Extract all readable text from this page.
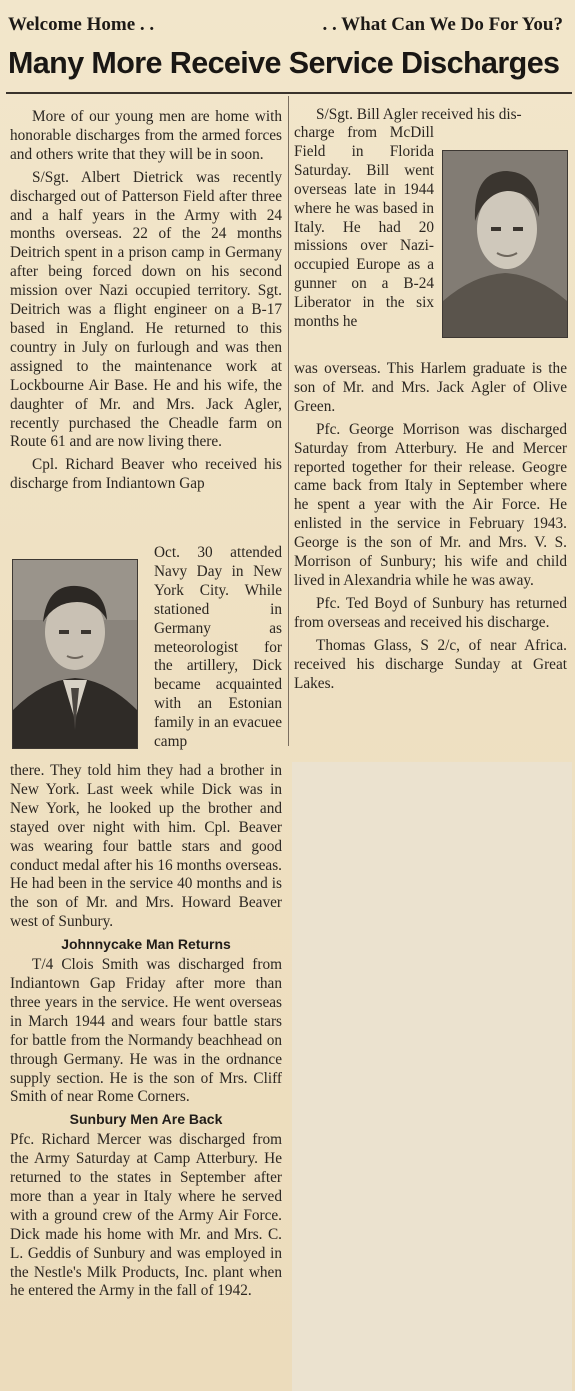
Welcome Home . .	. . What Can We Do For You?
Many More Receive Service Discharges

More of our young men are home with honorable discharges from the armed forces and others write that they will be in soon.

S/Sgt. Albert Dietrick was recently discharged out of Patterson Field after three and a half years in the Army with 24 months overseas. 22 of the 24 months Deitrich spent in a prison camp in Germany after being forced down on his second mission over Nazi occupied territory. Sgt. Deitrich was a flight engineer on a B-17 based in England. He returned to this country in July on furlough and was then assigned to the maintenance work at Lockbourne Air Base. He and his wife, the daughter of Mr. and Mrs. Jack Agler, recently purchased the Cheadle farm on Route 61 and are now living there.

Cpl. Richard Beaver who received his discharge from Indiantown Gap

Oct. 30 attended Navy Day in New York City. While stationed in Germany as meteorologist for the artillery, Dick became acquainted with an Estonian family in an evacuee camp

there. They told him they had a brother in New York. Last week while Dick was in New York, he looked up the brother and stayed over night with him. Cpl. Beaver was wearing four battle stars and good conduct medal after his 16 months overseas. He had been in the service 40 months and is the son of Mr. and Mrs. Howard Beaver west of Sunbury.

Johnnycake Man Returns

T/4 Clois Smith was discharged from Indiantown Gap Friday after more than three years in the service. He went overseas in March 1944 and wears four battle stars for battle from the Normandy beachhead on through Germany. He was in the ordnance supply section. He is the son of Mrs. Cliff Smith of near Rome Corners.

Sunbury Men Are Back

Pfc. Richard Mercer was discharged from the Army Saturday at Camp Atterbury. He returned to the states in September after more than a year in Italy where he served with a ground crew of the Army Air Force. Dick made his home with Mr. and Mrs. C. L. Geddis of Sunbury and was employed in the Nestle's Milk Products, Inc. plant when he entered the Army in the fall of 1942.

S/Sgt. Bill Agler received his dis-

charge from McDill Field in Florida Saturday. Bill went overseas late in 1944 where he was based in Italy. He had 20 missions over Nazi-occupied Europe as a gunner on a B-24 Liberator in the six months he

was overseas. This Harlem graduate is the son of Mr. and Mrs. Jack Agler of Olive Green.

Pfc. George Morrison was discharged Saturday from Atterbury. He and Mercer reported together for their release. Geogre came back from Italy in September where he spent a year with the Air Force. He enlisted in the service in February 1943. George is the son of Mr. and Mrs. V. S. Morrison of Sunbury; his wife and child lived in Alexandria while he was away.

Pfc. Ted Boyd of Sunbury has returned from overseas and received his discharge.

Thomas Glass, S 2/c, of near Africa. received his discharge Sunday at Great Lakes.
